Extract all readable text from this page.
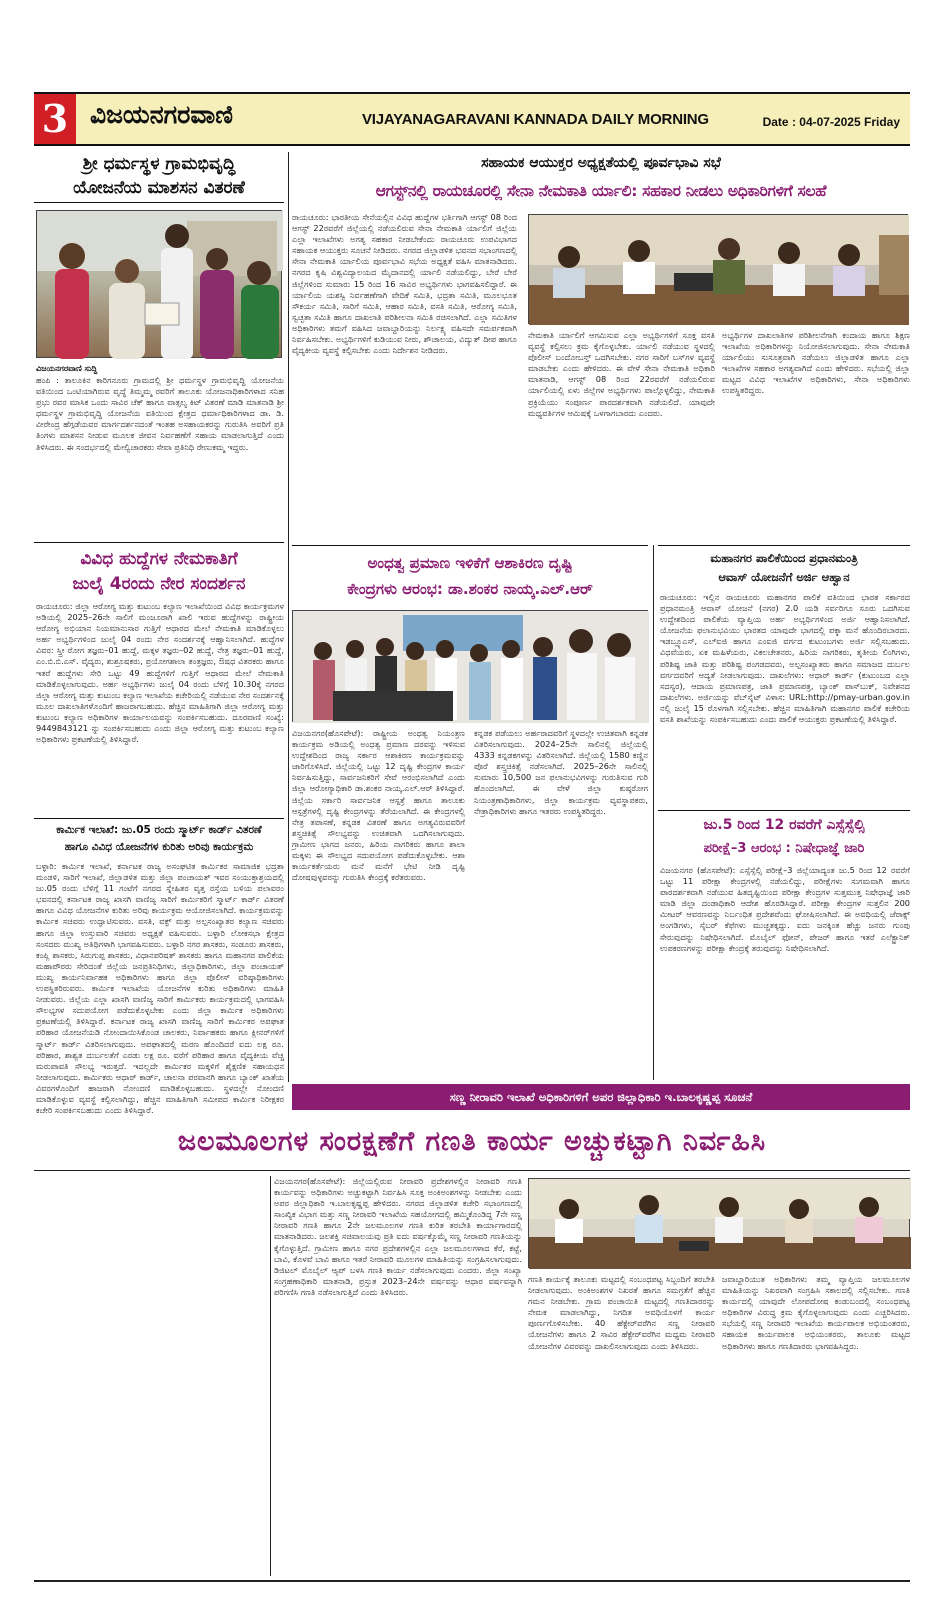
3 ವಿಜಯನಗರವಾಣಿ	VIJAYANAGARAVANI KANNADA DAILY MORNING	Date : 04-07-2025 Friday
ಶ್ರೀ ಧರ್ಮಸ್ಥಳ ಗ್ರಾಮಭಿವೃದ್ಧಿ
ಯೋಜನೆಯ ಮಾಶಸನ ವಿತರಣೆ
ವಿಜಯನಗರವಾಣಿ ಸುದ್ದಿ
ಹಂಪಿ : ತಾಲೂಕಿನ ಕಾರಿಗನೂರು ಗ್ರಾಮದಲ್ಲಿ ಶ್ರೀ ಧರ್ಮಸ್ಥಳ ಗ್ರಾಮಭಿವೃದ್ಧಿ ಯೋಜನೆಯ ವತಿಯಿಂದ ಒಂಟಿಯಾಗಿರುವ ವೃದ್ಧೆ ತಿಮ್ಮಮ್ಮ ರವರಿಗೆ ತಾಲೂಕು ಯೋಜನಾಧಿಕಾರಿಗಳಾದ ಸನಿಹ ಪ್ರಭು ರವರ ಮಾಸಿಕ ಒಂದು ಸಾವಿರ ಚೆಕ್ ಹಾಗೂ ವಾತ್ಸಲ್ಯ ಕಿಟ್ ವಿತರಣೆ ಮಾಡಿ ಮಾತನಾಡಿ ಶ್ರೀ ಧರ್ಮಸ್ಥಳ ಗ್ರಾಮಭಿವೃದ್ಧಿ ಯೋಜನೆಯ ವತಿಯಿಂದ ಕ್ಷೇತ್ರದ ಧರ್ಮಾಧಿಕಾರಿಗಳಾದ ಡಾ. ಡಿ. ವೀರೇಂದ್ರ ಹೆಗ್ಗಡೆಯವರ ಮಾರ್ಗದರ್ಶನದಂತೆ ಇಂತಹ ಅಸಹಾಯಕರನ್ನು ಗುರುತಿಸಿ ಅವರಿಗೆ ಪ್ರತಿ ತಿಂಗಳು ಮಾಶಸನ ನೀಡುವ ಮೂಲಕ ಜೀವನ ನಿರ್ವಹಣೆಗೆ ಸಹಾಯ ಮಾಡಲಾಗುತ್ತಿದೆ ಎಂದು ತಿಳಿಸಿದರು. ಈ ಸಂದರ್ಭದಲ್ಲಿ ಮೇಲ್ವಿಚಾರಕರು ಸೇವಾ ಪ್ರತಿನಿಧಿ ರೇಣುಕಮ್ಮ ಇದ್ದರು.
ಸಹಾಯಕ ಆಯುಕ್ತರ ಅಧ್ಯಕ್ಷತೆಯಲ್ಲಿ ಪೂರ್ವಭಾವಿ ಸಭೆ
ಆಗಸ್ಟ್‌ನಲ್ಲಿ ರಾಯಚೂರಲ್ಲಿ ಸೇನಾ ನೇಮಕಾತಿ ರ್ಯಾಲಿ: ಸಹಕಾರ ನೀಡಲು ಅಧಿಕಾರಿಗಳಿಗೆ ಸಲಹೆ
ರಾಯಚೂರು: ಭಾರತೀಯ ಸೇನೆಯಲ್ಲಿನ ವಿವಿಧ ಹುದ್ದೆಗಳ ಭರ್ತಿಗಾಗಿ ಆಗಸ್ಟ್ 08 ರಿಂದ ಆಗಸ್ಟ್ 22ರವರೆಗೆ ಜಿಲ್ಲೆಯಲ್ಲಿ ನಡೆಯಲಿರುವ ಸೇನಾ ನೇಮಕಾತಿ ರ್ಯಾಲಿಗೆ ಜಿಲ್ಲೆಯ ಎಲ್ಲಾ ಇಲಾಖೆಗಳು ಅಗತ್ಯ ಸಹಕಾರ ನೀಡಬೇಕೆಂದು ರಾಯಚೂರು ಉಪವಿಭಾಗದ ಸಹಾಯಕ ಆಯುಕ್ತರು ಸೂಚನೆ ನೀಡಿದರು. ನಗರದ ಜಿಲ್ಲಾಡಳಿತ ಭವನದ ಸಭಾಂಗಣದಲ್ಲಿ ಸೇನಾ ನೇಮಕಾತಿ ರ್ಯಾಲಿಯ ಪೂರ್ವಭಾವಿ ಸಭೆಯ ಅಧ್ಯಕ್ಷತೆ ವಹಿಸಿ ಮಾತನಾಡಿದರು. ನಗರದ ಕೃಷಿ ವಿಶ್ವವಿದ್ಯಾಲಯದ ಮೈದಾನದಲ್ಲಿ ರ್ಯಾಲಿ ನಡೆಯಲಿದ್ದು, ಬೇರೆ ಬೇರೆ ಜಿಲ್ಲೆಗಳಿಂದ ಸುಮಾರು 15 ರಿಂದ 16 ಸಾವಿರ ಅಭ್ಯರ್ಥಿಗಳು ಭಾಗವಹಿಸಲಿದ್ದಾರೆ. ಈ ರ್ಯಾಲಿಯ ಯಶಸ್ವಿ ನಿರ್ವಹಣೆಗಾಗಿ ವೇದಿಕೆ ಸಮಿತಿ, ಭದ್ರತಾ ಸಮಿತಿ, ಮೂಲಭೂತ ಸೌಕರ್ಯ ಸಮಿತಿ, ಸಾರಿಗೆ ಸಮಿತಿ, ಆಹಾರ ಸಮಿತಿ, ವಸತಿ ಸಮಿತಿ, ಆರೋಗ್ಯ ಸಮಿತಿ, ಸ್ವಚ್ಛತಾ ಸಮಿತಿ ಹಾಗೂ ದಾಖಲಾತಿ ಪರಿಶೀಲನಾ ಸಮಿತಿ ರಚಿಸಲಾಗಿದೆ. ಎಲ್ಲಾ ಸಮಿತಿಗಳ ಅಧಿಕಾರಿಗಳು ತಮಗೆ ವಹಿಸಿದ ಜವಾಬ್ದಾರಿಯನ್ನು ನಿರ್ಲಕ್ಷ್ಯ ವಹಿಸದೇ ಸಮರ್ಪಕವಾಗಿ ನಿರ್ವಹಿಸಬೇಕು. ಅಭ್ಯರ್ಥಿಗಳಿಗೆ ಕುಡಿಯುವ ನೀರು, ಶೌಚಾಲಯ, ವಿದ್ಯುತ್ ದೀಪ ಹಾಗೂ ವೈದ್ಯಕೀಯ ವ್ಯವಸ್ಥೆ ಕಲ್ಪಿಸಬೇಕು ಎಂದು ನಿರ್ದೇಶನ ನೀಡಿದರು.
ನೇಮಕಾತಿ ರ್ಯಾಲಿಗೆ ಆಗಮಿಸುವ ಎಲ್ಲಾ ಅಭ್ಯರ್ಥಿಗಳಿಗೆ ಸೂಕ್ತ ವಸತಿ ವ್ಯವಸ್ಥೆ ಕಲ್ಪಿಸಲು ಕ್ರಮ ಕೈಗೊಳ್ಳಬೇಕು. ರ್ಯಾಲಿ ನಡೆಯುವ ಸ್ಥಳದಲ್ಲಿ ಪೊಲೀಸ್ ಬಂದೋಬಸ್ತ್ ಒದಗಿಸಬೇಕು. ನಗರ ಸಾರಿಗೆ ಬಸ್‌ಗಳ ವ್ಯವಸ್ಥೆ ಮಾಡಬೇಕು ಎಂದು ಹೇಳಿದರು. ಈ ವೇಳೆ ಸೇನಾ ನೇಮಕಾತಿ ಅಧಿಕಾರಿ ಮಾತನಾಡಿ, ಆಗಸ್ಟ್ 08 ರಿಂದ 22ರವರೆಗೆ ನಡೆಯಲಿರುವ ರ್ಯಾಲಿಯಲ್ಲಿ ಏಳು ಜಿಲ್ಲೆಗಳ ಅಭ್ಯರ್ಥಿಗಳು ಪಾಲ್ಗೊಳ್ಳಲಿದ್ದು, ನೇಮಕಾತಿ ಪ್ರಕ್ರಿಯೆಯು ಸಂಪೂರ್ಣ ಪಾರದರ್ಶಕವಾಗಿ ನಡೆಯಲಿದೆ. ಯಾವುದೇ ಮಧ್ಯವರ್ತಿಗಳ ಆಮಿಷಕ್ಕೆ ಒಳಗಾಗಬಾರದು ಎಂದರು.
ಅಭ್ಯರ್ಥಿಗಳ ದಾಖಲಾತಿಗಳ ಪರಿಶೀಲನೆಗಾಗಿ ಕಂದಾಯ ಹಾಗೂ ಶಿಕ್ಷಣ ಇಲಾಖೆಯ ಅಧಿಕಾರಿಗಳನ್ನು ನಿಯೋಜಿಸಲಾಗುವುದು. ಸೇನಾ ನೇಮಕಾತಿ ರ್ಯಾಲಿಯು ಸುಸೂತ್ರವಾಗಿ ನಡೆಯಲು ಜಿಲ್ಲಾಡಳಿತ ಹಾಗೂ ಎಲ್ಲಾ ಇಲಾಖೆಗಳ ಸಹಕಾರ ಅಗತ್ಯವಾಗಿದೆ ಎಂದು ಹೇಳಿದರು. ಸಭೆಯಲ್ಲಿ ಜಿಲ್ಲಾ ಮಟ್ಟದ ವಿವಿಧ ಇಲಾಖೆಗಳ ಅಧಿಕಾರಿಗಳು, ಸೇನಾ ಅಧಿಕಾರಿಗಳು ಉಪಸ್ಥಿತರಿದ್ದರು.
ವಿವಿಧ ಹುದ್ದೆಗಳ ನೇಮಕಾತಿಗೆ
ಜುಲೈ 4ರಂದು ನೇರ ಸಂದರ್ಶನ
ರಾಯಚೂರು: ಜಿಲ್ಲಾ ಆರೋಗ್ಯ ಮತ್ತು ಕುಟುಂಬ ಕಲ್ಯಾಣ ಇಲಾಖೆಯಿಂದ ವಿವಿಧ ಕಾರ್ಯಕ್ರಮಗಳ ಅಡಿಯಲ್ಲಿ 2025–26ನೇ ಸಾಲಿಗೆ ಮಂಜೂರಾಗಿ ಖಾಲಿ ಇರುವ ಹುದ್ದೆಗಳನ್ನು ರಾಷ್ಟ್ರೀಯ ಆರೋಗ್ಯ ಅಭಿಯಾನ ನಿಯಮಾನುಸಾರ ಗುತ್ತಿಗೆ ಆಧಾರದ ಮೇಲೆ ನೇಮಕಾತಿ ಮಾಡಿಕೊಳ್ಳಲು ಅರ್ಹ ಅಭ್ಯರ್ಥಿಗಳಿಂದ ಜುಲೈ 04 ರಂದು ನೇರ ಸಂದರ್ಶನಕ್ಕೆ ಆಹ್ವಾನಿಸಲಾಗಿದೆ. ಹುದ್ದೆಗಳ ವಿವರ: ಸ್ತ್ರೀ ರೋಗ ತಜ್ಞರು–01 ಹುದ್ದೆ, ಮಕ್ಕಳ ತಜ್ಞರು–02 ಹುದ್ದೆ, ನೇತ್ರ ತಜ್ಞರು–01 ಹುದ್ದೆ, ಎಂ.ಬಿ.ಬಿ.ಎಸ್. ವೈದ್ಯರು, ಶುಶ್ರೂಷಕರು, ಪ್ರಯೋಗಶಾಲಾ ತಂತ್ರಜ್ಞರು, ಔಷಧ ವಿತರಕರು ಹಾಗೂ ಇತರೆ ಹುದ್ದೆಗಳು ಸೇರಿ ಒಟ್ಟು 49 ಹುದ್ದೆಗಳಿಗೆ ಗುತ್ತಿಗೆ ಆಧಾರದ ಮೇಲೆ ನೇಮಕಾತಿ ಮಾಡಿಕೊಳ್ಳಲಾಗುವುದು. ಅರ್ಹ ಅಭ್ಯರ್ಥಿಗಳು ಜುಲೈ 04 ರಂದು ಬೆಳಿಗ್ಗೆ 10.30ಕ್ಕೆ ನಗರದ ಜಿಲ್ಲಾ ಆರೋಗ್ಯ ಮತ್ತು ಕುಟುಂಬ ಕಲ್ಯಾಣ ಇಲಾಖೆಯ ಕಚೇರಿಯಲ್ಲಿ ನಡೆಯುವ ನೇರ ಸಂದರ್ಶನಕ್ಕೆ ಮೂಲ ದಾಖಲಾತಿಗಳೊಂದಿಗೆ ಹಾಜರಾಗಬಹುದು. ಹೆಚ್ಚಿನ ಮಾಹಿತಿಗಾಗಿ ಜಿಲ್ಲಾ ಆರೋಗ್ಯ ಮತ್ತು ಕುಟುಂಬ ಕಲ್ಯಾಣ ಅಧಿಕಾರಿಗಳ ಕಾರ್ಯಾಲಯವನ್ನು ಸಂಪರ್ಕಿಸಬಹುದು. ದೂರವಾಣಿ ಸಂಖ್ಯೆ: 9449843121 ನ್ನು ಸಂಪರ್ಕಿಸಬಹುದು ಎಂದು ಜಿಲ್ಲಾ ಆರೋಗ್ಯ ಮತ್ತು ಕುಟುಂಬ ಕಲ್ಯಾಣ ಅಧಿಕಾರಿಗಳು ಪ್ರಕಟಣೆಯಲ್ಲಿ ತಿಳಿಸಿದ್ದಾರೆ.
ಕಾರ್ಮಿಕ ಇಲಾಖೆ: ಜು.05 ರಂದು ಸ್ಮಾರ್ಟ್ ಕಾರ್ಡ್ ವಿತರಣೆ
ಹಾಗೂ ವಿವಿಧ ಯೋಜನೆಗಳ ಕುರಿತು ಅರಿವು ಕಾರ್ಯಕ್ರಮ
ಬಳ್ಳಾರಿ: ಕಾರ್ಮಿಕ ಇಲಾಖೆ, ಕರ್ನಾಟಕ ರಾಜ್ಯ ಅಸಂಘಟಿತ ಕಾರ್ಮಿಕರ ಸಾಮಾಜಿಕ ಭದ್ರತಾ ಮಂಡಳಿ, ಸಾರಿಗೆ ಇಲಾಖೆ, ಜಿಲ್ಲಾಡಳಿತ ಮತ್ತು ಜಿಲ್ಲಾ ಪಂಚಾಯತ್ ಇವರ ಸಂಯುಕ್ತಾಶ್ರಯದಲ್ಲಿ ಜು.05 ರಂದು ಬೆಳಿಗ್ಗೆ 11 ಗಂಟೆಗೆ ನಗರದ ಸ್ನೇಹಿತರ ವೃತ್ತ ರಸ್ತೆಯ ಬಳಿಯ ಪಲಾವರಂ ಭವನದಲ್ಲಿ ಕರ್ನಾಟಕ ರಾಜ್ಯ ಖಾಸಗಿ ವಾಣಿಜ್ಯ ಸಾರಿಗೆ ಕಾರ್ಮಿಕರಿಗೆ ಸ್ಮಾರ್ಟ್ ಕಾರ್ಡ್ ವಿತರಣೆ ಹಾಗೂ ವಿವಿಧ ಯೋಜನೆಗಳ ಕುರಿತು ಅರಿವು ಕಾರ್ಯಕ್ರಮ ಆಯೋಜಿಸಲಾಗಿದೆ. ಕಾರ್ಯಕ್ರಮವನ್ನು ಕಾರ್ಮಿಕ ಸಚಿವರು ಉದ್ಘಾಟಿಸುವರು. ವಸತಿ, ವಕ್ಫ್ ಮತ್ತು ಅಲ್ಪಸಂಖ್ಯಾತರ ಕಲ್ಯಾಣ ಸಚಿವರು ಹಾಗೂ ಜಿಲ್ಲಾ ಉಸ್ತುವಾರಿ ಸಚಿವರು ಅಧ್ಯಕ್ಷತೆ ವಹಿಸುವರು. ಬಳ್ಳಾರಿ ಲೋಕಸಭಾ ಕ್ಷೇತ್ರದ ಸಂಸದರು ಮುಖ್ಯ ಅತಿಥಿಗಳಾಗಿ ಭಾಗವಹಿಸುವರು. ಬಳ್ಳಾರಿ ನಗರ ಶಾಸಕರು, ಸಂಡೂರು ಶಾಸಕರು, ಕಂಪ್ಲಿ ಶಾಸಕರು, ಸಿರುಗುಪ್ಪ ಶಾಸಕರು, ವಿಧಾನಪರಿಷತ್ ಶಾಸಕರು ಹಾಗೂ ಮಹಾನಗರ ಪಾಲಿಕೆಯ ಮಹಾಪೌರರು ಸೇರಿದಂತೆ ಜಿಲ್ಲೆಯ ಜನಪ್ರತಿನಿಧಿಗಳು, ಜಿಲ್ಲಾಧಿಕಾರಿಗಳು, ಜಿಲ್ಲಾ ಪಂಚಾಯತ್ ಮುಖ್ಯ ಕಾರ್ಯನಿರ್ವಾಹಕ ಅಧಿಕಾರಿಗಳು ಹಾಗೂ ಜಿಲ್ಲಾ ಪೊಲೀಸ್ ವರಿಷ್ಠಾಧಿಕಾರಿಗಳು ಉಪಸ್ಥಿತರಿರುವರು. ಕಾರ್ಮಿಕ ಇಲಾಖೆಯ ಯೋಜನೆಗಳ ಕುರಿತು ಅಧಿಕಾರಿಗಳು ಮಾಹಿತಿ ನೀಡುವರು. ಜಿಲ್ಲೆಯ ಎಲ್ಲಾ ಖಾಸಗಿ ವಾಣಿಜ್ಯ ಸಾರಿಗೆ ಕಾರ್ಮಿಕರು ಕಾರ್ಯಕ್ರಮದಲ್ಲಿ ಭಾಗವಹಿಸಿ ಸೌಲಭ್ಯಗಳ ಸದುಪಯೋಗ ಪಡೆದುಕೊಳ್ಳಬೇಕು ಎಂದು ಜಿಲ್ಲಾ ಕಾರ್ಮಿಕ ಅಧಿಕಾರಿಗಳು ಪ್ರಕಟಣೆಯಲ್ಲಿ ತಿಳಿಸಿದ್ದಾರೆ. ಕರ್ನಾಟಕ ರಾಜ್ಯ ಖಾಸಗಿ ವಾಣಿಜ್ಯ ಸಾರಿಗೆ ಕಾರ್ಮಿಕರ ಅಪಘಾತ ಪರಿಹಾರ ಯೋಜನೆಯಡಿ ನೋಂದಾಯಿಸಿಕೊಂಡ ಚಾಲಕರು, ನಿರ್ವಾಹಕರು ಹಾಗೂ ಕ್ಲೀನರ್‌ಗಳಿಗೆ ಸ್ಮಾರ್ಟ್ ಕಾರ್ಡ್ ವಿತರಿಸಲಾಗುವುದು. ಅಪಘಾತದಲ್ಲಿ ಮರಣ ಹೊಂದಿದರೆ ಐದು ಲಕ್ಷ ರೂ. ಪರಿಹಾರ, ಶಾಶ್ವತ ದುರ್ಬಲತೆಗೆ ಎರಡು ಲಕ್ಷ ರೂ. ವರೆಗೆ ಪರಿಹಾರ ಹಾಗೂ ವೈದ್ಯಕೀಯ ವೆಚ್ಚ ಮರುಪಾವತಿ ಸೌಲಭ್ಯ ಇರುತ್ತದೆ. ಇದಲ್ಲದೇ ಕಾರ್ಮಿಕರ ಮಕ್ಕಳಿಗೆ ಶೈಕ್ಷಣಿಕ ಸಹಾಯಧನ ನೀಡಲಾಗುವುದು. ಕಾರ್ಮಿಕರು ಆಧಾರ್ ಕಾರ್ಡ್, ಚಾಲನಾ ಪರವಾನಗಿ ಹಾಗೂ ಬ್ಯಾಂಕ್ ಖಾತೆಯ ವಿವರಗಳೊಂದಿಗೆ ಹಾಜರಾಗಿ ನೋಂದಣಿ ಮಾಡಿಕೊಳ್ಳಬಹುದು. ಸ್ಥಳದಲ್ಲೇ ನೋಂದಣಿ ಮಾಡಿಕೊಳ್ಳುವ ವ್ಯವಸ್ಥೆ ಕಲ್ಪಿಸಲಾಗಿದ್ದು, ಹೆಚ್ಚಿನ ಮಾಹಿತಿಗಾಗಿ ಸಮೀಪದ ಕಾರ್ಮಿಕ ನಿರೀಕ್ಷಕರ ಕಚೇರಿ ಸಂಪರ್ಕಿಸಬಹುದು ಎಂದು ತಿಳಿಸಿದ್ದಾರೆ.
ಅಂಧತ್ವ ಪ್ರಮಾಣ ಇಳಿಕೆಗೆ ಆಶಾಕಿರಣ ದೃಷ್ಟಿ
ಕೇಂದ್ರಗಳು ಆರಂಭ: ಡಾ.ಶಂಕರ ನಾಯ್ಕ.ಎಲ್.ಆರ್
ವಿಜಯನಗರ(ಹೊಸಪೇಟೆ): ರಾಷ್ಟ್ರೀಯ ಅಂಧತ್ವ ನಿಯಂತ್ರಣ ಕಾರ್ಯಕ್ರಮ ಅಡಿಯಲ್ಲಿ ಅಂಧತ್ವ ಪ್ರಮಾಣ ದರವನ್ನು ಇಳಿಸುವ ಉದ್ದೇಶದಿಂದ ರಾಜ್ಯ ಸರ್ಕಾರ ಆಶಾಕಿರಣ ಕಾರ್ಯಕ್ರಮವನ್ನು ಜಾರಿಗೊಳಿಸಿದೆ. ಜಿಲ್ಲೆಯಲ್ಲಿ ಒಟ್ಟು 12 ದೃಷ್ಟಿ ಕೇಂದ್ರಗಳ ಕಾರ್ಯ ನಿರ್ವಹಿಸುತ್ತಿದ್ದು, ಸಾರ್ವಜನಿಕರಿಗೆ ಸೇವೆ ಆರಂಭಿಸಲಾಗಿದೆ ಎಂದು ಜಿಲ್ಲಾ ಆರೋಗ್ಯಾಧಿಕಾರಿ ಡಾ.ಶಂಕರ ನಾಯ್ಕ.ಎಲ್.ಆರ್ ತಿಳಿಸಿದ್ದಾರೆ. ಜಿಲ್ಲೆಯ ಸರ್ಕಾರಿ ಸಾರ್ವಜನಿಕ ಆಸ್ಪತ್ರೆ ಹಾಗೂ ತಾಲೂಕು ಆಸ್ಪತ್ರೆಗಳಲ್ಲಿ ದೃಷ್ಟಿ ಕೇಂದ್ರಗಳನ್ನು ತೆರೆಯಲಾಗಿದೆ. ಈ ಕೇಂದ್ರಗಳಲ್ಲಿ ನೇತ್ರ ತಪಾಸಣೆ, ಕನ್ನಡಕ ವಿತರಣೆ ಹಾಗೂ ಅಗತ್ಯವಿರುವವರಿಗೆ ಶಸ್ತ್ರಚಿಕಿತ್ಸೆ ಸೌಲಭ್ಯವನ್ನು ಉಚಿತವಾಗಿ ಒದಗಿಸಲಾಗುವುದು. ಗ್ರಾಮೀಣ ಭಾಗದ ಜನರು, ಹಿರಿಯ ನಾಗರಿಕರು ಹಾಗೂ ಶಾಲಾ ಮಕ್ಕಳು ಈ ಸೌಲಭ್ಯದ ಸದುಪಯೋಗ ಪಡೆದುಕೊಳ್ಳಬೇಕು. ಆಶಾ ಕಾರ್ಯಕರ್ತೆಯರು ಮನೆ ಮನೆಗೆ ಭೇಟಿ ನೀಡಿ ದೃಷ್ಟಿ ದೋಷವುಳ್ಳವರನ್ನು ಗುರುತಿಸಿ ಕೇಂದ್ರಕ್ಕೆ ಕರೆತರುವರು.
ಕನ್ನಡಕ ಪಡೆಯಲು ಅರ್ಹರಾದವರಿಗೆ ಸ್ಥಳದಲ್ಲೇ ಉಚಿತವಾಗಿ ಕನ್ನಡಕ ವಿತರಿಸಲಾಗುವುದು. 2024–25ನೇ ಸಾಲಿನಲ್ಲಿ ಜಿಲ್ಲೆಯಲ್ಲಿ 4333 ಕನ್ನಡಕಗಳನ್ನು ವಿತರಿಸಲಾಗಿದೆ. ಜಿಲ್ಲೆಯಲ್ಲಿ 1580 ಕಣ್ಣಿನ ಪೊರೆ ಶಸ್ತ್ರಚಿಕಿತ್ಸೆ ನಡೆಸಲಾಗಿದೆ. 2025–26ನೇ ಸಾಲಿನಲ್ಲಿ ಸುಮಾರು 10,500 ಜನ ಫಲಾನುಭವಿಗಳನ್ನು ಗುರುತಿಸುವ ಗುರಿ ಹೊಂದಲಾಗಿದೆ. ಈ ವೇಳೆ ಜಿಲ್ಲಾ ಕುಷ್ಠರೋಗ ನಿಯಂತ್ರಣಾಧಿಕಾರಿಗಳು, ಜಿಲ್ಲಾ ಕಾರ್ಯಕ್ರಮ ವ್ಯವಸ್ಥಾಪಕರು, ನೇತ್ರಾಧಿಕಾರಿಗಳು ಹಾಗೂ ಇತರರು ಉಪಸ್ಥಿತರಿದ್ದರು.
ಮಹಾನಗರ ಪಾಲಿಕೆಯಿಂದ ಪ್ರಧಾನಮಂತ್ರಿ
ಆವಾಸ್ ಯೋಜನೆಗೆ ಅರ್ಜಿ ಆಹ್ವಾನ
ರಾಯಚೂರು: ಇಲ್ಲಿನ ರಾಯಚೂರು ಮಹಾನಗರ ಪಾಲಿಕೆ ವತಿಯಿಂದ ಭಾರತ ಸರ್ಕಾರದ ಪ್ರಧಾನಮಂತ್ರಿ ಆವಾಸ್ ಯೋಜನೆ (ನಗರ) 2.0 ಯಡಿ ಸರ್ವರಿಗೂ ಸೂರು ಒದಗಿಸುವ ಉದ್ದೇಶದಿಂದ ಪಾಲಿಕೆಯ ವ್ಯಾಪ್ತಿಯ ಅರ್ಹ ಅಭ್ಯರ್ಥಿಗಳಿಂದ ಅರ್ಜಿ ಆಹ್ವಾನಿಸಲಾಗಿದೆ. ಯೋಜನೆಯ ಫಲಾನುಭವಿಯು ಭಾರತದ ಯಾವುದೇ ಭಾಗದಲ್ಲಿ ಪಕ್ಕಾ ಮನೆ ಹೊಂದಿರಬಾರದು. ಇಡಬ್ಲ್ಯೂಎಸ್, ಎಲ್‌ಐಜಿ ಹಾಗೂ ಎಂಐಜಿ ವರ್ಗದ ಕುಟುಂಬಗಳು ಅರ್ಜಿ ಸಲ್ಲಿಸಬಹುದು. ವಿಧವೆಯರು, ಏಕ ಮಹಿಳೆಯರು, ವಿಕಲಚೇತನರು, ಹಿರಿಯ ನಾಗರಿಕರು, ತೃತೀಯ ಲಿಂಗಿಗಳು, ಪರಿಶಿಷ್ಟ ಜಾತಿ ಮತ್ತು ಪರಿಶಿಷ್ಟ ಪಂಗಡದವರು, ಅಲ್ಪಸಂಖ್ಯಾತರು ಹಾಗೂ ಸಮಾಜದ ದುರ್ಬಲ ವರ್ಗದವರಿಗೆ ಆದ್ಯತೆ ನೀಡಲಾಗುವುದು. ದಾಖಲೆಗಳು: ಆಧಾರ್ ಕಾರ್ಡ್ (ಕುಟುಂಬದ ಎಲ್ಲಾ ಸದಸ್ಯರ), ಆದಾಯ ಪ್ರಮಾಣಪತ್ರ, ಜಾತಿ ಪ್ರಮಾಣಪತ್ರ, ಬ್ಯಾಂಕ್ ಪಾಸ್‌ಬುಕ್, ನಿವೇಶನದ ದಾಖಲೆಗಳು. ಅರ್ಜಿಯನ್ನು ವೆಬ್‌ಸೈಟ್ ವಿಳಾಸ: URL:http://pmay-urban.gov.in ನಲ್ಲಿ ಜುಲೈ 15 ರೊಳಗಾಗಿ ಸಲ್ಲಿಸಬೇಕು. ಹೆಚ್ಚಿನ ಮಾಹಿತಿಗಾಗಿ ಮಹಾನಗರ ಪಾಲಿಕೆ ಕಚೇರಿಯ ವಸತಿ ಶಾಖೆಯನ್ನು ಸಂಪರ್ಕಿಸಬಹುದು ಎಂದು ಪಾಲಿಕೆ ಆಯುಕ್ತರು ಪ್ರಕಟಣೆಯಲ್ಲಿ ತಿಳಿಸಿದ್ದಾರೆ.
ಜು.5 ರಿಂದ 12 ರವರೆಗೆ ಎಸ್ಸೆಸ್ಸೆಲ್ಸಿ
ಪರೀಕ್ಷೆ–3 ಆರಂಭ : ನಿಷೇಧಾಜ್ಞೆ ಜಾರಿ
ವಿಜಯನಗರ (ಹೊಸಪೇಟೆ): ಎಸ್ಸೆಸ್ಸೆಲ್ಸಿ ಪರೀಕ್ಷೆ–3 ಜಿಲ್ಲೆಯಾದ್ಯಂತ ಜು.5 ರಿಂದ 12 ರವರೆಗೆ ಒಟ್ಟು 11 ಪರೀಕ್ಷಾ ಕೇಂದ್ರಗಳಲ್ಲಿ ನಡೆಯಲಿದ್ದು, ಪರೀಕ್ಷೆಗಳು ಸುಗಮವಾಗಿ ಹಾಗೂ ಪಾರದರ್ಶಕವಾಗಿ ನಡೆಯುವ ಹಿತದೃಷ್ಟಿಯಿಂದ ಪರೀಕ್ಷಾ ಕೇಂದ್ರಗಳ ಸುತ್ತಮುತ್ತ ನಿಷೇಧಾಜ್ಞೆ ಜಾರಿ ಮಾಡಿ ಜಿಲ್ಲಾ ದಂಡಾಧಿಕಾರಿ ಆದೇಶ ಹೊರಡಿಸಿದ್ದಾರೆ. ಪರೀಕ್ಷಾ ಕೇಂದ್ರಗಳ ಸುತ್ತಲಿನ 200 ಮೀಟರ್ ಆವರಣವನ್ನು ನಿರ್ಬಂಧಿತ ಪ್ರದೇಶವೆಂದು ಘೋಷಿಸಲಾಗಿದೆ. ಈ ಅವಧಿಯಲ್ಲಿ ಜೆರಾಕ್ಸ್ ಅಂಗಡಿಗಳು, ಸೈಬರ್ ಕೆಫೆಗಳು ಮುಚ್ಚತಕ್ಕದ್ದು. ಐದು ಜನಕ್ಕಿಂತ ಹೆಚ್ಚು ಜನರು ಗುಂಪು ಸೇರುವುದನ್ನು ನಿಷೇಧಿಸಲಾಗಿದೆ. ಮೊಬೈಲ್ ಫೋನ್, ಪೇಜರ್ ಹಾಗೂ ಇತರೆ ಎಲೆಕ್ಟ್ರಾನಿಕ್ ಉಪಕರಣಗಳನ್ನು ಪರೀಕ್ಷಾ ಕೇಂದ್ರಕ್ಕೆ ತರುವುದನ್ನು ನಿಷೇಧಿಸಲಾಗಿದೆ.
ಸಣ್ಣ ನೀರಾವರಿ ಇಲಾಖೆ ಅಧಿಕಾರಿಗಳಿಗೆ ಅಪರ ಜಿಲ್ಲಾಧಿಕಾರಿ ಇ.ಬಾಲಕೃಷ್ಣಪ್ಪ ಸೂಚನೆ
ಜಲಮೂಲಗಳ ಸಂರಕ್ಷಣೆಗೆ ಗಣತಿ ಕಾರ್ಯ ಅಚ್ಚುಕಟ್ಟಾಗಿ ನಿರ್ವಹಿಸಿ
ವಿಜಯನಗರ(ಹೊಸಪೇಟೆ): ಜಿಲ್ಲೆಯಲ್ಲಿರುವ ನೀರಾವರಿ ಪ್ರದೇಶಗಳಲ್ಲಿನ ನೀರಾವರಿ ಗಣತಿ ಕಾರ್ಯವನ್ನು ಅಧಿಕಾರಿಗಳು ಅಚ್ಚುಕಟ್ಟಾಗಿ ನಿರ್ವಹಿಸಿ ಸೂಕ್ತ ಅಂಕಿಅಂಶಗಳನ್ನು ನೀಡಬೇಕು ಎಂದು ಅಪರ ಜಿಲ್ಲಾಧಿಕಾರಿ ಇ.ಬಾಲಕೃಷ್ಣಪ್ಪ ಹೇಳಿದರು. ನಗರದ ಜಿಲ್ಲಾಡಳಿತ ಕಚೇರಿ ಸಭಾಂಗಣದಲ್ಲಿ ಸಾಂಖ್ಯಿಕ ವಿಭಾಗ ಮತ್ತು ಸಣ್ಣ ನೀರಾವರಿ ಇಲಾಖೆಯ ಸಹಯೋಗದಲ್ಲಿ ಹಮ್ಮಿಕೊಂಡಿದ್ದ 7ನೇ ಸಣ್ಣ ನೀರಾವರಿ ಗಣತಿ ಹಾಗೂ 2ನೇ ಜಲಮೂಲಗಳ ಗಣತಿ ಕುರಿತ ತರಬೇತಿ ಕಾರ್ಯಾಗಾರದಲ್ಲಿ ಮಾತನಾಡಿದರು. ಜಲಶಕ್ತಿ ಸಚಿವಾಲಯವು ಪ್ರತಿ ಐದು ವರ್ಷಕ್ಕೊಮ್ಮೆ ಸಣ್ಣ ನೀರಾವರಿ ಗಣತಿಯನ್ನು ಕೈಗೊಳ್ಳುತ್ತಿದೆ. ಗ್ರಾಮೀಣ ಹಾಗೂ ನಗರ ಪ್ರದೇಶಗಳಲ್ಲಿನ ಎಲ್ಲಾ ಜಲಮೂಲಗಳಾದ ಕೆರೆ, ಕಟ್ಟೆ, ಬಾವಿ, ಕೊಳವೆ ಬಾವಿ ಹಾಗೂ ಇತರೆ ನೀರಾವರಿ ಮೂಲಗಳ ಮಾಹಿತಿಯನ್ನು ಸಂಗ್ರಹಿಸಲಾಗುವುದು. ಡಿಜಿಟಲ್ ಮೊಬೈಲ್ ಆ್ಯಪ್ ಬಳಸಿ ಗಣತಿ ಕಾರ್ಯ ನಡೆಸಲಾಗುವುದು ಎಂದರು. ಜಿಲ್ಲಾ ಸಂಖ್ಯಾ ಸಂಗ್ರಹಣಾಧಿಕಾರಿ ಮಾತನಾಡಿ, ಪ್ರಸ್ತುತ 2023–24ನೇ ವರ್ಷವನ್ನು ಆಧಾರ ವರ್ಷವನ್ನಾಗಿ ಪರಿಗಣಿಸಿ ಗಣತಿ ನಡೆಸಲಾಗುತ್ತಿದೆ ಎಂದು ತಿಳಿಸಿದರು.
ಗಣತಿ ಕಾರ್ಯಕ್ಕೆ ತಾಲೂಕು ಮಟ್ಟದಲ್ಲಿ ಸಂಬಂಧಪಟ್ಟ ಸಿಬ್ಬಂದಿಗೆ ತರಬೇತಿ ನೀಡಲಾಗುವುದು. ಅಂಕಿಅಂಶಗಳ ನಿಖರತೆ ಹಾಗೂ ಸಮಗ್ರತೆಗೆ ಹೆಚ್ಚಿನ ಗಮನ ನೀಡಬೇಕು. ಗ್ರಾಮ ಪಂಚಾಯಿತಿ ಮಟ್ಟದಲ್ಲಿ ಗಣತಿದಾರರನ್ನು ನೇಮಕ ಮಾಡಲಾಗಿದ್ದು, ನಿಗದಿತ ಅವಧಿಯೊಳಗೆ ಕಾರ್ಯ ಪೂರ್ಣಗೊಳಿಸಬೇಕು. 40 ಹೆಕ್ಟೇರ್‌ವರೆಗಿನ ಸಣ್ಣ ನೀರಾವರಿ ಯೋಜನೆಗಳು ಹಾಗೂ 2 ಸಾವಿರ ಹೆಕ್ಟೇರ್‌ವರೆಗಿನ ಮಧ್ಯಮ ನೀರಾವರಿ ಯೋಜನೆಗಳ ವಿವರವನ್ನು ದಾಖಲಿಸಲಾಗುವುದು ಎಂದು ತಿಳಿಸಿದರು.
ಜವಾಬ್ದಾರಿಯುತ ಅಧಿಕಾರಿಗಳು ತಮ್ಮ ವ್ಯಾಪ್ತಿಯ ಜಲಮೂಲಗಳ ಮಾಹಿತಿಯನ್ನು ನಿಖರವಾಗಿ ಸಂಗ್ರಹಿಸಿ ಸಕಾಲದಲ್ಲಿ ಸಲ್ಲಿಸಬೇಕು. ಗಣತಿ ಕಾರ್ಯದಲ್ಲಿ ಯಾವುದೇ ಲೋಪದೋಷ ಕಂಡುಬಂದಲ್ಲಿ ಸಂಬಂಧಪಟ್ಟ ಅಧಿಕಾರಿಗಳ ವಿರುದ್ಧ ಕ್ರಮ ಕೈಗೊಳ್ಳಲಾಗುವುದು ಎಂದು ಎಚ್ಚರಿಸಿದರು. ಸಭೆಯಲ್ಲಿ ಸಣ್ಣ ನೀರಾವರಿ ಇಲಾಖೆಯ ಕಾರ್ಯಪಾಲಕ ಅಭಿಯಂತರರು, ಸಹಾಯಕ ಕಾರ್ಯಪಾಲಕ ಅಭಿಯಂತರರು, ತಾಲೂಕು ಮಟ್ಟದ ಅಧಿಕಾರಿಗಳು ಹಾಗೂ ಗಣತಿದಾರರು ಭಾಗವಹಿಸಿದ್ದರು.
